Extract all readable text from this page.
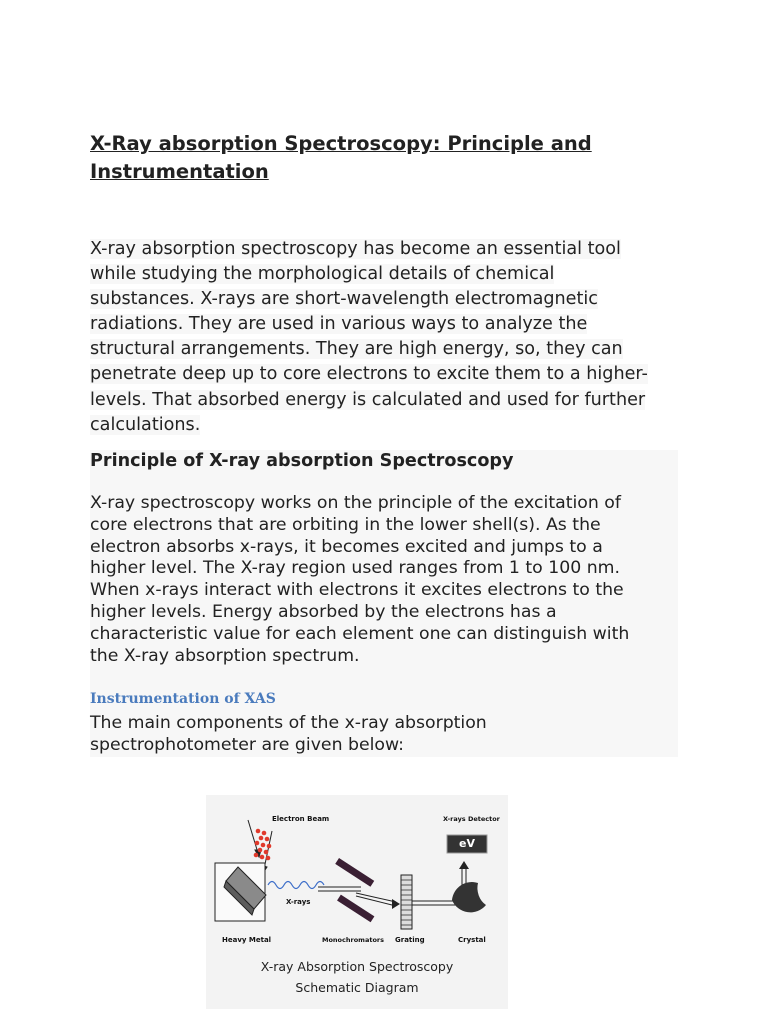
X-Ray absorption Spectroscopy: Principle and Instrumentation

X-ray absorption spectroscopy has become an essential tool
while studying the morphological details of chemical
substances. X-rays are short-wavelength electromagnetic
radiations. They are used in various ways to analyze the
structural arrangements. They are high energy, so, they can
penetrate deep up to core electrons to excite them to a higher-
levels. That absorbed energy is calculated and used for further
calculations.

Principle of X-ray absorption Spectroscopy

X-ray spectroscopy works on the principle of the excitation of
core electrons that are orbiting in the lower shell(s). As the
electron absorbs x-rays, it becomes excited and jumps to a
higher level. The X-ray region used ranges from 1 to 100 nm.
When x-rays interact with electrons it excites electrons to the
higher levels. Energy absorbed by the electrons has a
characteristic value for each element one can distinguish with
the X-ray absorption spectrum.

Instrumentation of XAS

The main components of the x-ray absorption
spectrophotometer are given below:

Electron Beam	X-rays Detector
eV
X-rays
Heavy Metal	Monochromators Grating	Crystal
X-ray Absorption Spectroscopy
Schematic Diagram
